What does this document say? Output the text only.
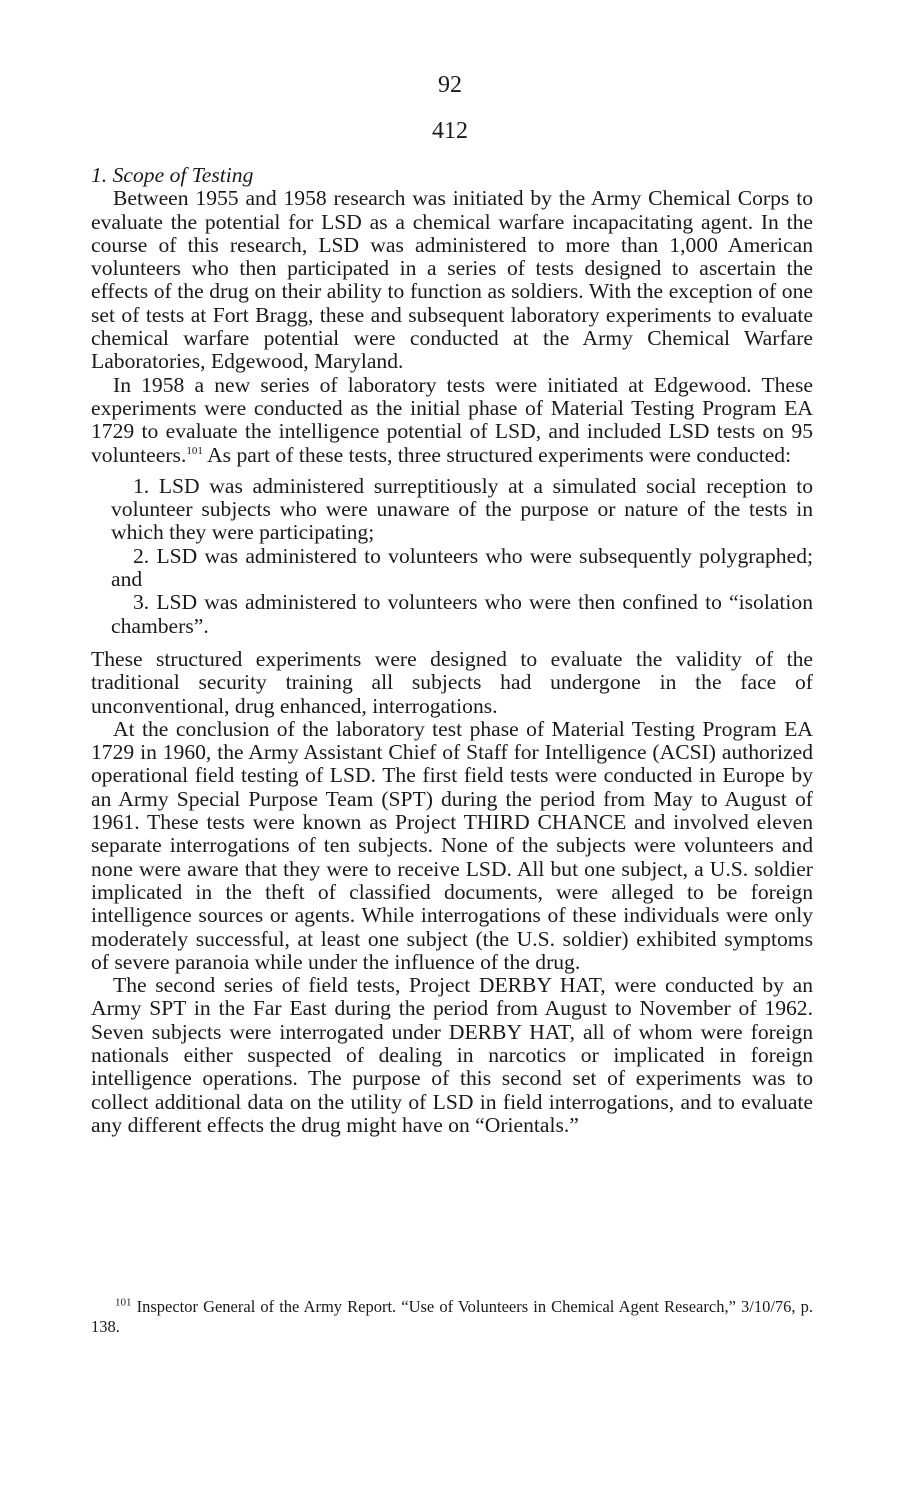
92
412

1. Scope of Testing

Between 1955 and 1958 research was initiated by the Army Chemical Corps to evaluate the potential for LSD as a chemical warfare incapacitating agent. In the course of this research, LSD was administered to more than 1,000 American volunteers who then participated in a series of tests designed to ascertain the effects of the drug on their ability to function as soldiers. With the exception of one set of tests at Fort Bragg, these and subsequent laboratory experiments to evaluate chemical warfare potential were conducted at the Army Chemical Warfare Laboratories, Edgewood, Maryland.

In 1958 a new series of laboratory tests were initiated at Edgewood. These experiments were conducted as the initial phase of Material Testing Program EA 1729 to evaluate the intelligence potential of LSD, and included LSD tests on 95 volunteers.$^{101}$ As part of these tests, three structured experiments were conducted:

1. LSD was administered surreptitiously at a simulated social reception to volunteer subjects who were unaware of the purpose or nature of the tests in which they were participating;
2. LSD was administered to volunteers who were subsequently polygraphed; and
3. LSD was administered to volunteers who were then confined to “isolation chambers”.

These structured experiments were designed to evaluate the validity of the traditional security training all subjects had undergone in the face of unconventional, drug enhanced, interrogations.

At the conclusion of the laboratory test phase of Material Testing Program EA 1729 in 1960, the Army Assistant Chief of Staff for Intelligence (ACSI) authorized operational field testing of LSD. The first field tests were conducted in Europe by an Army Special Purpose Team (SPT) during the period from May to August of 1961. These tests were known as Project THIRD CHANCE and involved eleven separate interrogations of ten subjects. None of the subjects were volunteers and none were aware that they were to receive LSD. All but one subject, a U.S. soldier implicated in the theft of classified documents, were alleged to be foreign intelligence sources or agents. While interrogations of these individuals were only moderately successful, at least one subject (the U.S. soldier) exhibited symptoms of severe paranoia while under the influence of the drug.

The second series of field tests, Project DERBY HAT, were conducted by an Army SPT in the Far East during the period from August to November of 1962. Seven subjects were interrogated under DERBY HAT, all of whom were foreign nationals either suspected of dealing in narcotics or implicated in foreign intelligence operations. The purpose of this second set of experiments was to collect additional data on the utility of LSD in field interrogations, and to evaluate any different effects the drug might have on “Orientals.”

$^{101}$ Inspector General of the Army Report. “Use of Volunteers in Chemical Agent Research,” 3/10/76, p. 138.
